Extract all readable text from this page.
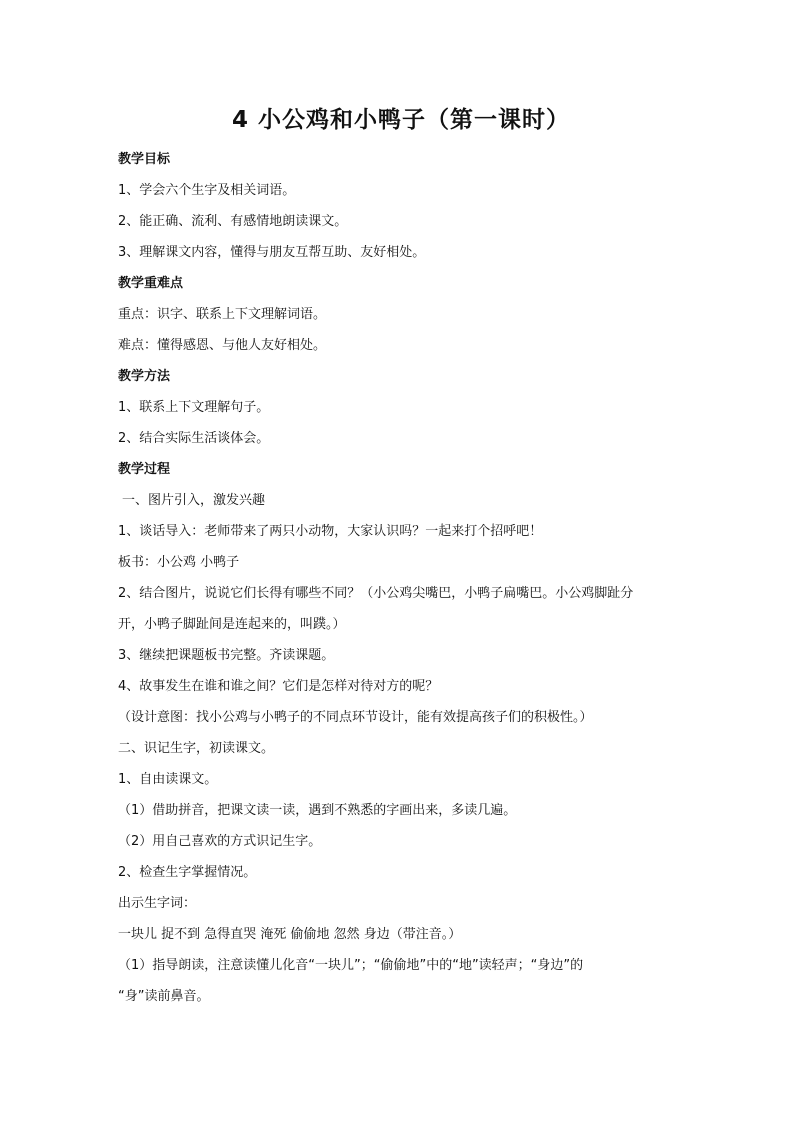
4 小公鸡和小鸭子（第一课时）
教学目标
1、学会六个生字及相关词语。
2、能正确、流利、有感情地朗读课文。
3、理解课文内容，懂得与朋友互帮互助、友好相处。
教学重难点
重点：识字、联系上下文理解词语。
难点：懂得感恩、与他人友好相处。
教学方法
1、联系上下文理解句子。
2、结合实际生活谈体会。
教学过程
一、图片引入，激发兴趣
1、谈话导入：老师带来了两只小动物，大家认识吗？一起来打个招呼吧！
板书：小公鸡 小鸭子
2、结合图片，说说它们长得有哪些不同？（小公鸡尖嘴巴，小鸭子扁嘴巴。小公鸡脚趾分
开，小鸭子脚趾间是连起来的，叫蹼。）
3、继续把课题板书完整。齐读课题。
4、故事发生在谁和谁之间？它们是怎样对待对方的呢？
（设计意图：找小公鸡与小鸭子的不同点环节设计，能有效提高孩子们的积极性。）
二、识记生字，初读课文。
1、自由读课文。
（1）借助拼音，把课文读一读，遇到不熟悉的字画出来，多读几遍。
（2）用自己喜欢的方式识记生字。
2、检查生字掌握情况。
出示生字词：
一块儿 捉不到 急得直哭 淹死 偷偷地 忽然 身边（带注音。）
（1）指导朗读，注意读懂儿化音“一块儿”；“偷偷地”中的“地”读轻声；“身边”的
“身”读前鼻音。
